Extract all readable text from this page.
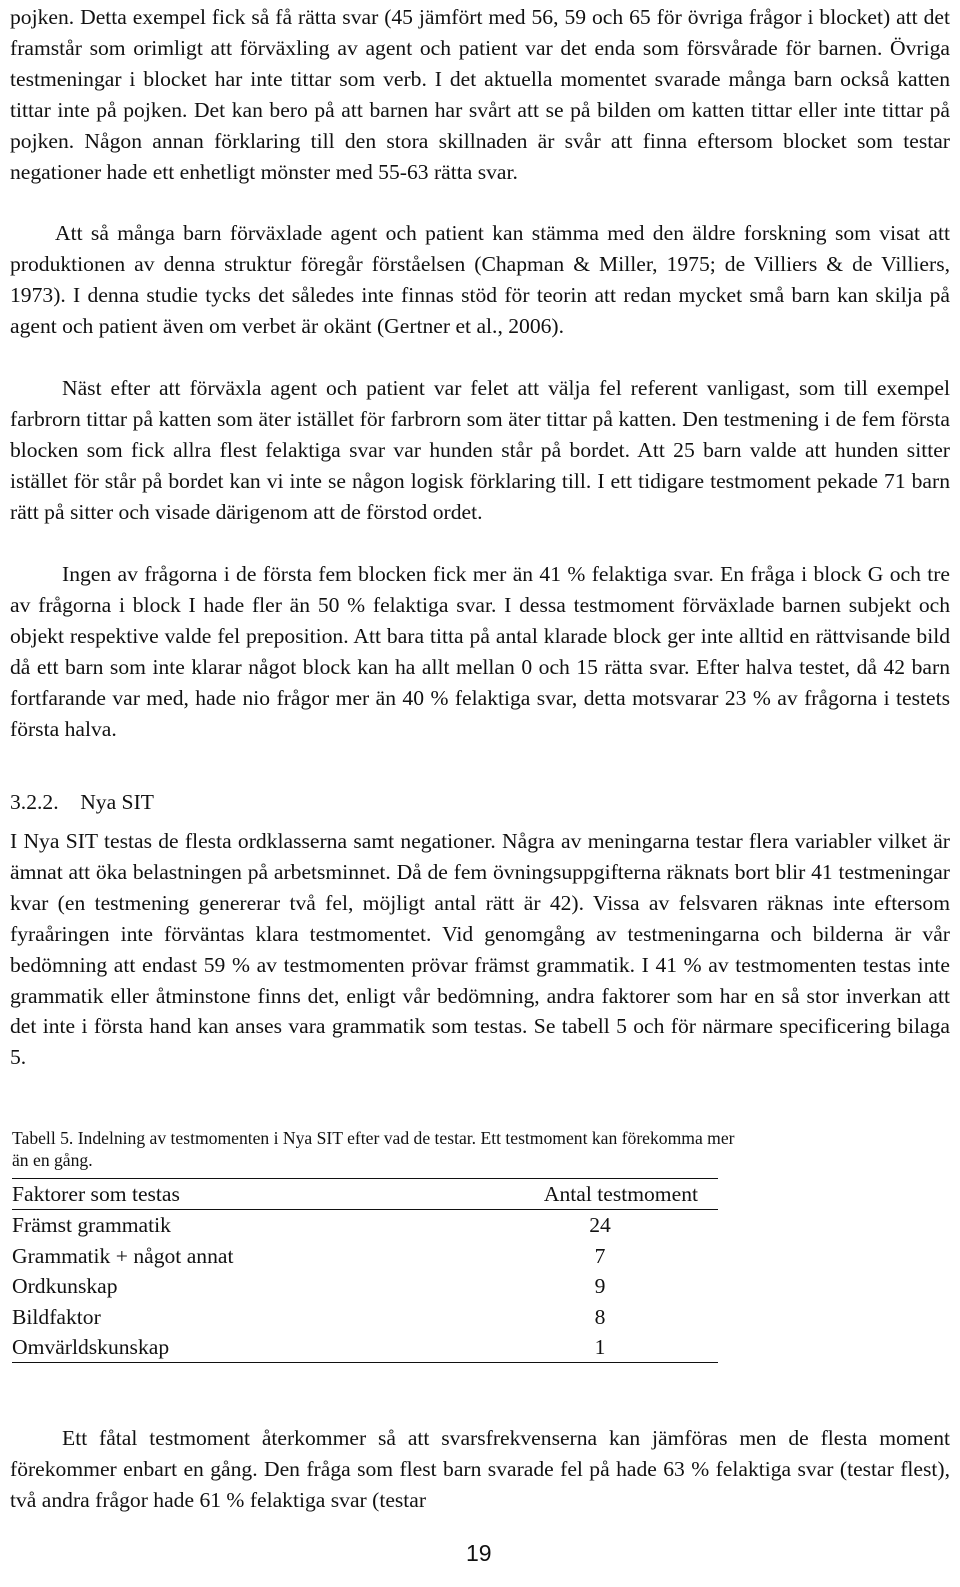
pojken. Detta exempel fick så få rätta svar (45 jämfört med 56, 59 och 65 för övriga frågor i blocket) att det framstår som orimligt att förväxling av agent och patient var det enda som försvårade för barnen. Övriga testmeningar i blocket har inte tittar som verb. I det aktuella momentet svarade många barn också katten tittar inte på pojken. Det kan bero på att barnen har svårt att se på bilden om katten tittar eller inte tittar på pojken. Någon annan förklaring till den stora skillnaden är svår att finna eftersom blocket som testar negationer hade ett enhetligt mönster med 55-63 rätta svar.

Att så många barn förväxlade agent och patient kan stämma med den äldre forskning som visat att produktionen av denna struktur föregår förståelsen (Chapman & Miller, 1975; de Villiers & de Villiers, 1973). I denna studie tycks det således inte finnas stöd för teorin att redan mycket små barn kan skilja på agent och patient även om verbet är okänt (Gertner et al., 2006).

Näst efter att förväxla agent och patient var felet att välja fel referent vanligast, som till exempel farbrorn tittar på katten som äter istället för farbrorn som äter tittar på katten. Den testmening i de fem första blocken som fick allra flest felaktiga svar var hunden står på bordet. Att 25 barn valde att hunden sitter istället för står på bordet kan vi inte se någon logisk förklaring till. I ett tidigare testmoment pekade 71 barn rätt på sitter och visade därigenom att de förstod ordet.

Ingen av frågorna i de första fem blocken fick mer än 41 % felaktiga svar. En fråga i block G och tre av frågorna i block I hade fler än 50 % felaktiga svar. I dessa testmoment förväxlade barnen subjekt och objekt respektive valde fel preposition. Att bara titta på antal klarade block ger inte alltid en rättvisande bild då ett barn som inte klarar något block kan ha allt mellan 0 och 15 rätta svar. Efter halva testet, då 42 barn fortfarande var med, hade nio frågor mer än 40 % felaktiga svar, detta motsvarar 23 % av frågorna i testets första halva.

3.2.2. Nya SIT

I Nya SIT testas de flesta ordklasserna samt negationer. Några av meningarna testar flera variabler vilket är ämnat att öka belastningen på arbetsminnet. Då de fem övningsuppgifterna räknats bort blir 41 testmeningar kvar (en testmening genererar två fel, möjligt antal rätt är 42). Vissa av felsvaren räknas inte eftersom fyraåringen inte förväntas klara testmomentet. Vid genomgång av testmeningarna och bilderna är vår bedömning att endast 59 % av testmomenten prövar främst grammatik. I 41 % av testmomenten testas inte grammatik eller åtminstone finns det, enligt vår bedömning, andra faktorer som har en så stor inverkan att det inte i första hand kan anses vara grammatik som testas. Se tabell 5 och för närmare specificering bilaga 5.

Tabell 5. Indelning av testmomenten i Nya SIT efter vad de testar. Ett testmoment kan förekomma mer än en gång.

Faktorer som testas	Antal testmoment
Främst grammatik	24
Grammatik + något annat	7
Ordkunskap	9
Bildfaktor	8
Omvärldskunskap	1

Ett fåtal testmoment återkommer så att svarsfrekvenserna kan jämföras men de flesta moment förekommer enbart en gång. Den fråga som flest barn svarade fel på hade 63 % felaktiga svar (testar flest), två andra frågor hade 61 % felaktiga svar (testar

19
